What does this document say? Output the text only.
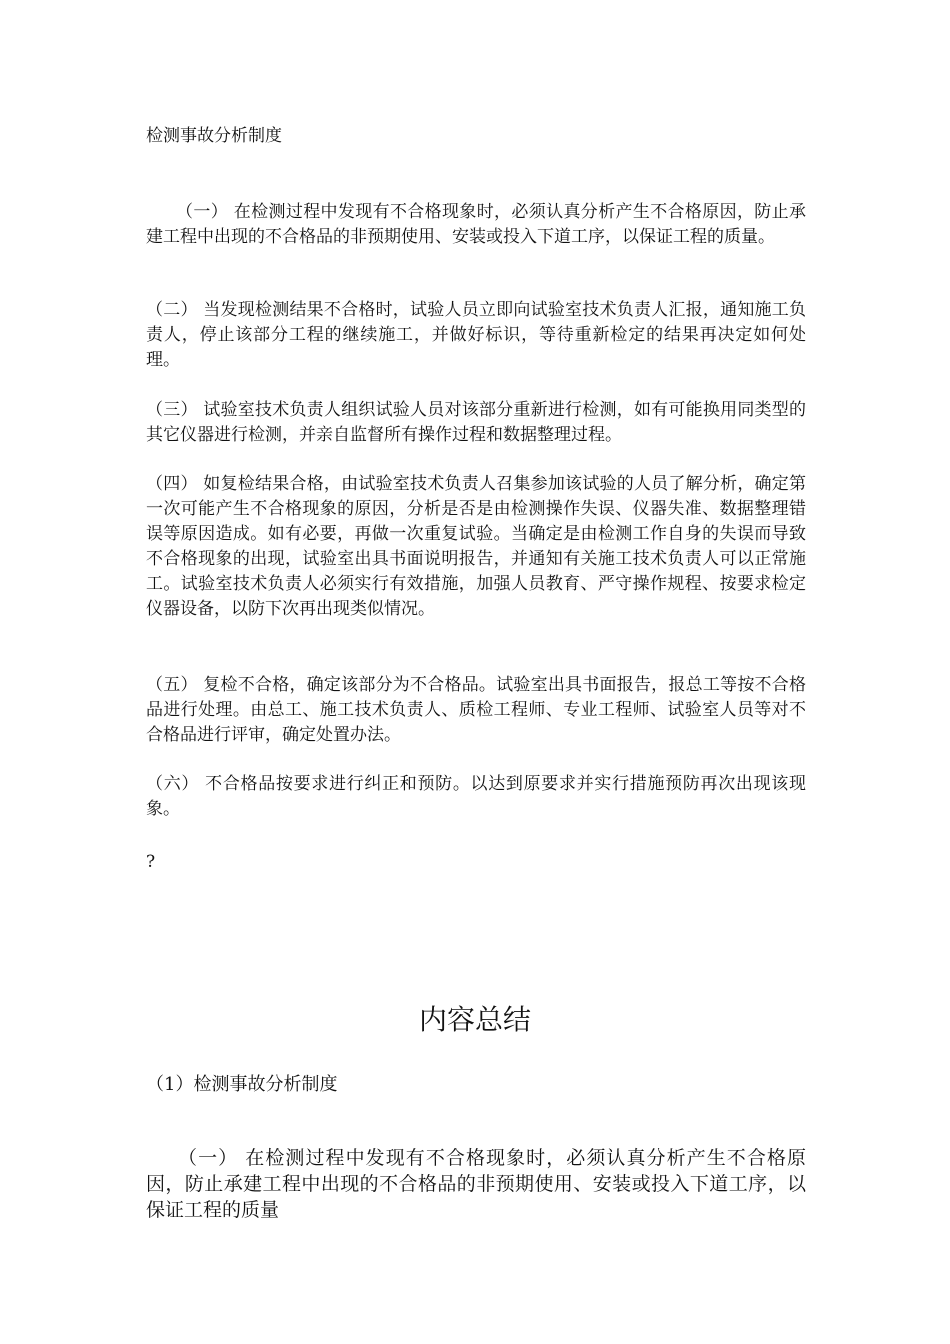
检测事故分析制度

（一） 在检测过程中发现有不合格现象时，必须认真分析产生不合格原因，防止承建工程中出现的不合格品的非预期使用、安装或投入下道工序，以保证工程的质量。

（二） 当发现检测结果不合格时，试验人员立即向试验室技术负责人汇报，通知施工负责人，停止该部分工程的继续施工，并做好标识，等待重新检定的结果再决定如何处理。

（三） 试验室技术负责人组织试验人员对该部分重新进行检测，如有可能换用同类型的其它仪器进行检测，并亲自监督所有操作过程和数据整理过程。

（四） 如复检结果合格，由试验室技术负责人召集参加该试验的人员了解分析，确定第一次可能产生不合格现象的原因，分析是否是由检测操作失误、仪器失准、数据整理错误等原因造成。如有必要，再做一次重复试验。当确定是由检测工作自身的失误而导致不合格现象的出现，试验室出具书面说明报告，并通知有关施工技术负责人可以正常施工。试验室技术负责人必须实行有效措施，加强人员教育、严守操作规程、按要求检定仪器设备，以防下次再出现类似情况。

（五） 复检不合格，确定该部分为不合格品。试验室出具书面报告，报总工等按不合格品进行处理。由总工、施工技术负责人、质检工程师、专业工程师、试验室人员等对不合格品进行评审，确定处置办法。

（六） 不合格品按要求进行纠正和预防。以达到原要求并实行措施预防再次出现该现象。

?
内容总结
（1）检测事故分析制度

（一） 在检测过程中发现有不合格现象时，必须认真分析产生不合格原因，防止承建工程中出现的不合格品的非预期使用、安装或投入下道工序，以保证工程的质量
